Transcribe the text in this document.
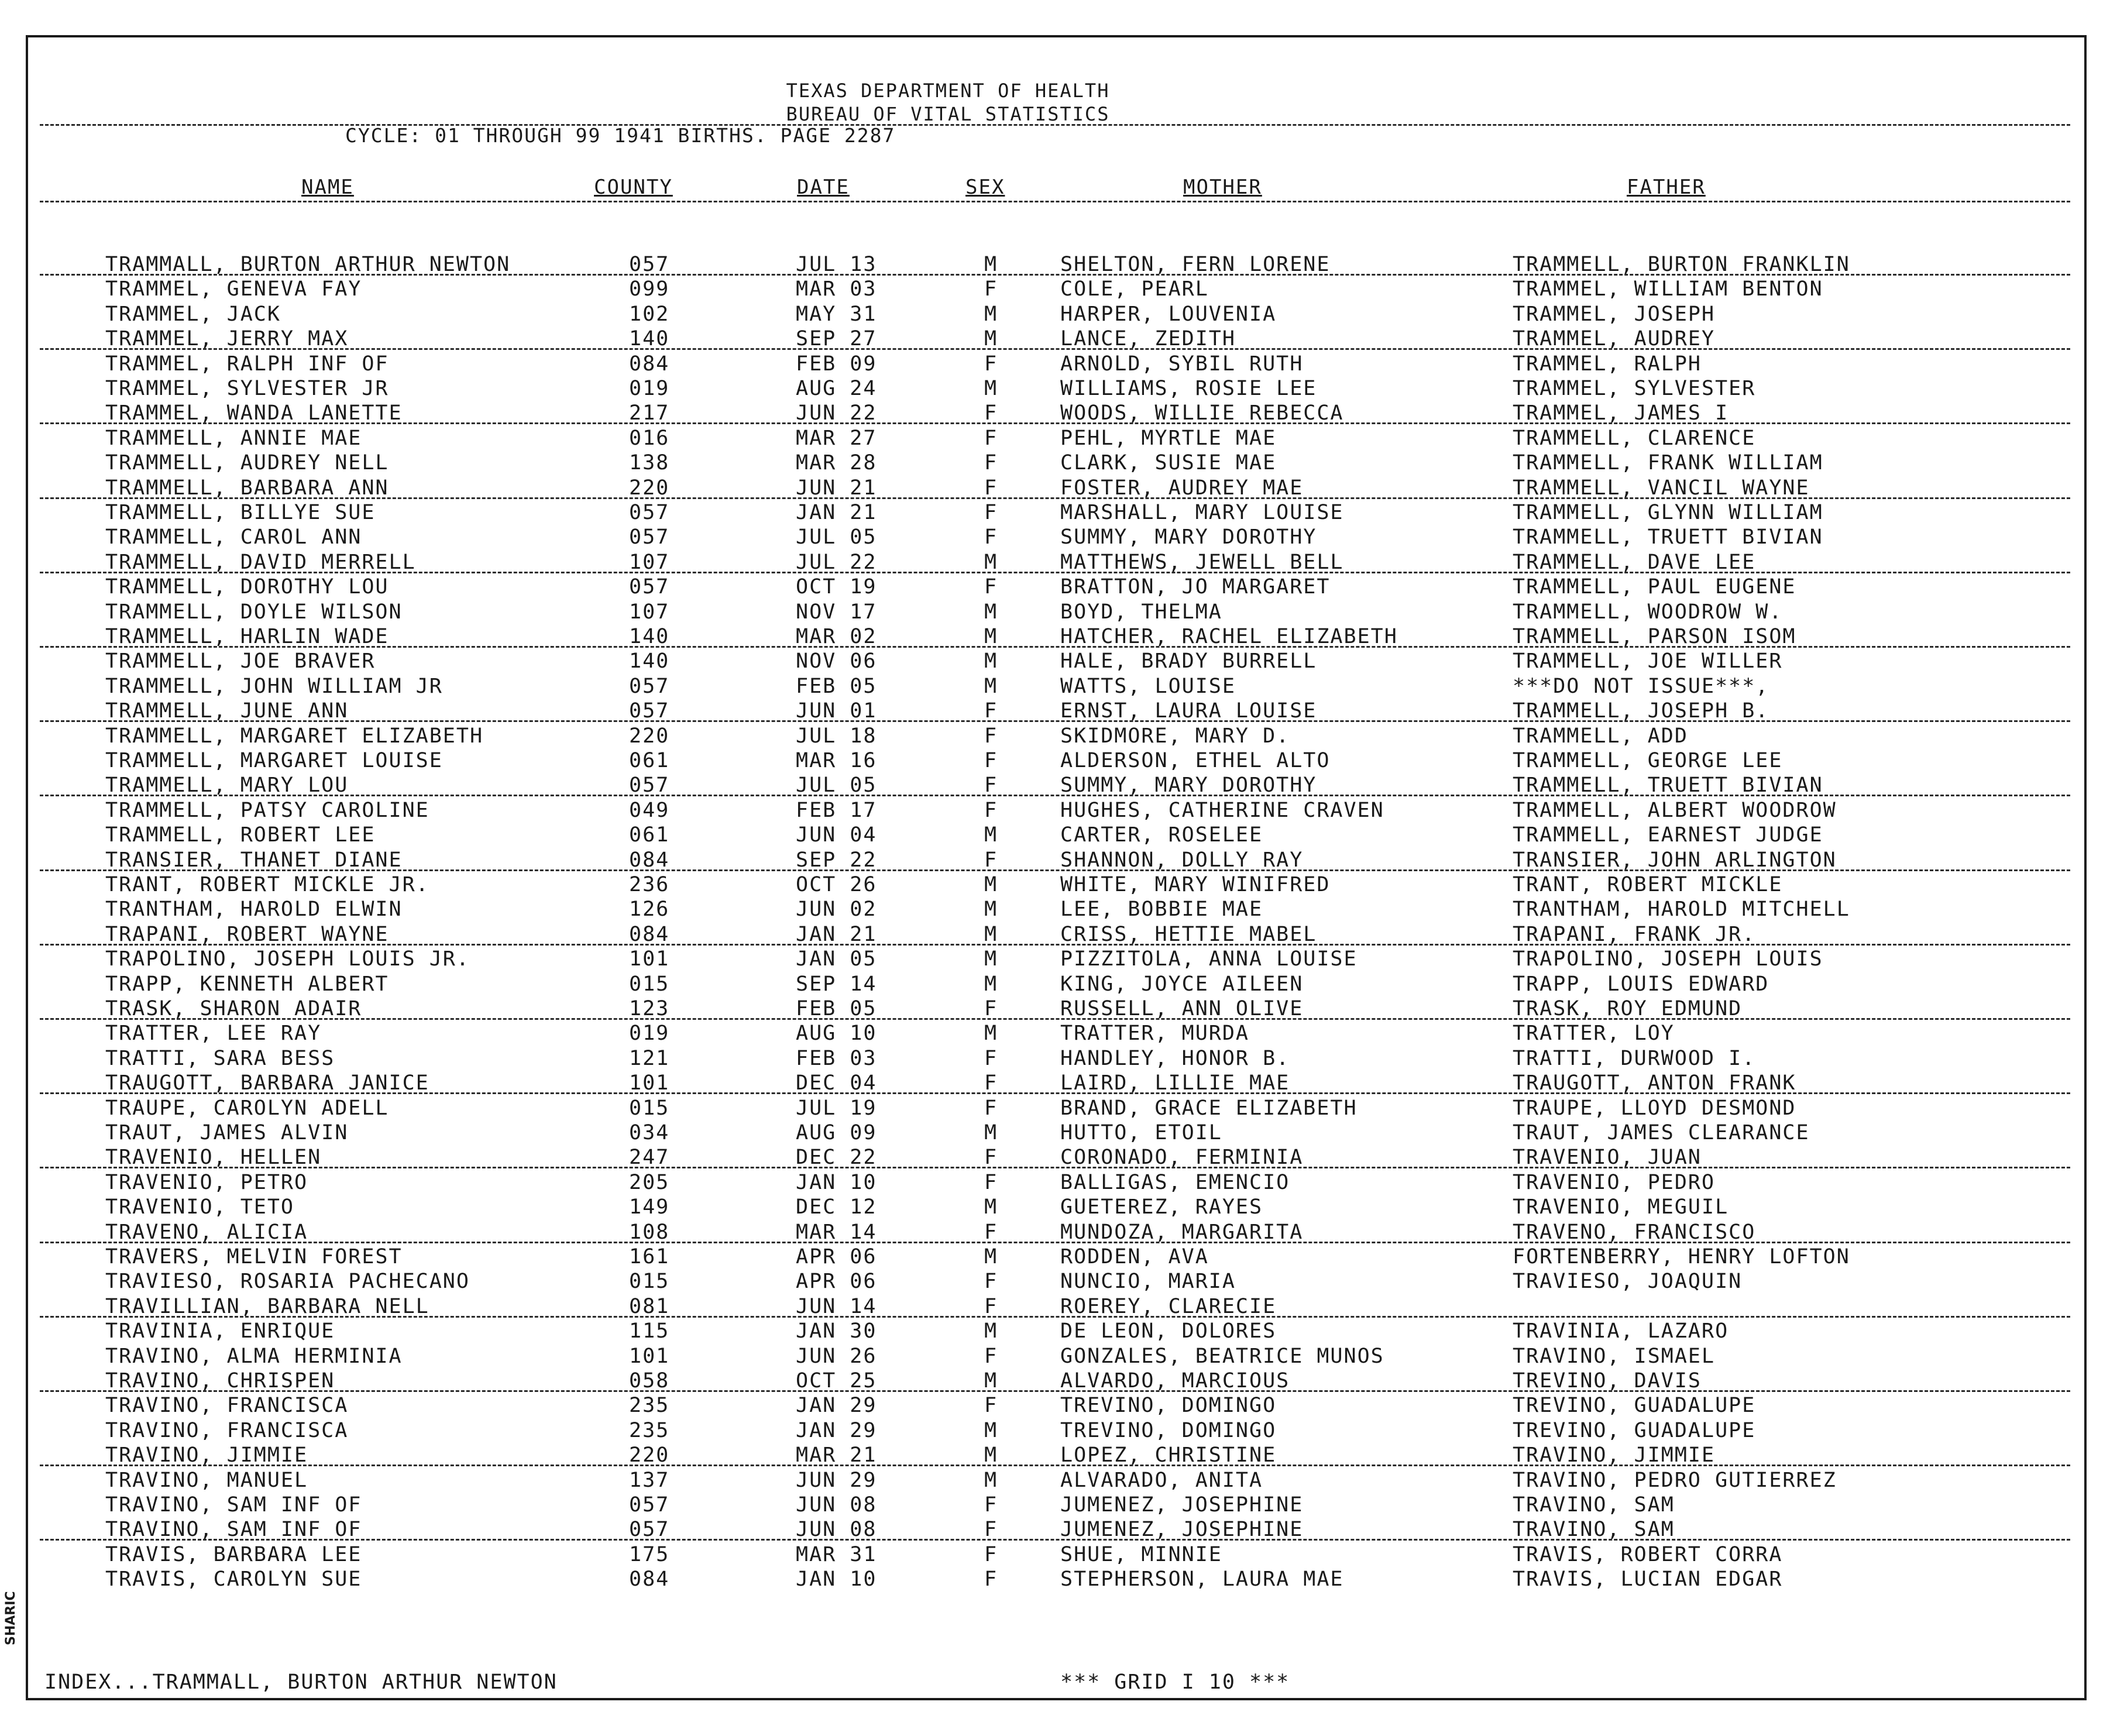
TEXAS DEPARTMENT OF HEALTH
BUREAU OF VITAL STATISTICS
CYCLE: 01 THROUGH 99 1941 BIRTHS. PAGE 2287
NAME	COUNTY	DATE	SEX	MOTHER	FATHER
TRAMMALL, BURTON ARTHUR NEWTON	057	JUL 13	M	SHELTON, FERN LORENE	TRAMMELL, BURTON FRANKLIN
TRAMMEL, GENEVA FAY	099	MAR 03	F	COLE, PEARL	TRAMMEL, WILLIAM BENTON
TRAMMEL, JACK	102	MAY 31	M	HARPER, LOUVENIA	TRAMMEL, JOSEPH
TRAMMEL, JERRY MAX	140	SEP 27	M	LANCE, ZEDITH	TRAMMEL, AUDREY
TRAMMEL, RALPH INF OF	084	FEB 09	F	ARNOLD, SYBIL RUTH	TRAMMEL, RALPH
TRAMMEL, SYLVESTER JR	019	AUG 24	M	WILLIAMS, ROSIE LEE	TRAMMEL, SYLVESTER
TRAMMEL, WANDA LANETTE	217	JUN 22	F	WOODS, WILLIE REBECCA	TRAMMEL, JAMES I
TRAMMELL, ANNIE MAE	016	MAR 27	F	PEHL, MYRTLE MAE	TRAMMELL, CLARENCE
TRAMMELL, AUDREY NELL	138	MAR 28	F	CLARK, SUSIE MAE	TRAMMELL, FRANK WILLIAM
TRAMMELL, BARBARA ANN	220	JUN 21	F	FOSTER, AUDREY MAE	TRAMMELL, VANCIL WAYNE
TRAMMELL, BILLYE SUE	057	JAN 21	F	MARSHALL, MARY LOUISE	TRAMMELL, GLYNN WILLIAM
TRAMMELL, CAROL ANN	057	JUL 05	F	SUMMY, MARY DOROTHY	TRAMMELL, TRUETT BIVIAN
TRAMMELL, DAVID MERRELL	107	JUL 22	M	MATTHEWS, JEWELL BELL	TRAMMELL, DAVE LEE
TRAMMELL, DOROTHY LOU	057	OCT 19	F	BRATTON, JO MARGARET	TRAMMELL, PAUL EUGENE
TRAMMELL, DOYLE WILSON	107	NOV 17	M	BOYD, THELMA	TRAMMELL, WOODROW W.
TRAMMELL, HARLIN WADE	140	MAR 02	M	HATCHER, RACHEL ELIZABETH	TRAMMELL, PARSON ISOM
TRAMMELL, JOE BRAVER	140	NOV 06	M	HALE, BRADY BURRELL	TRAMMELL, JOE WILLER
TRAMMELL, JOHN WILLIAM JR	057	FEB 05	M	WATTS, LOUISE	***DO NOT ISSUE***,
TRAMMELL, JUNE ANN	057	JUN 01	F	ERNST, LAURA LOUISE	TRAMMELL, JOSEPH B.
TRAMMELL, MARGARET ELIZABETH	220	JUL 18	F	SKIDMORE, MARY D.	TRAMMELL, ADD
TRAMMELL, MARGARET LOUISE	061	MAR 16	F	ALDERSON, ETHEL ALTO	TRAMMELL, GEORGE LEE
TRAMMELL, MARY LOU	057	JUL 05	F	SUMMY, MARY DOROTHY	TRAMMELL, TRUETT BIVIAN
TRAMMELL, PATSY CAROLINE	049	FEB 17	F	HUGHES, CATHERINE CRAVEN	TRAMMELL, ALBERT WOODROW
TRAMMELL, ROBERT LEE	061	JUN 04	M	CARTER, ROSELEE	TRAMMELL, EARNEST JUDGE
TRANSIER, THANET DIANE	084	SEP 22	F	SHANNON, DOLLY RAY	TRANSIER, JOHN ARLINGTON
TRANT, ROBERT MICKLE JR.	236	OCT 26	M	WHITE, MARY WINIFRED	TRANT, ROBERT MICKLE
TRANTHAM, HAROLD ELWIN	126	JUN 02	M	LEE, BOBBIE MAE	TRANTHAM, HAROLD MITCHELL
TRAPANI, ROBERT WAYNE	084	JAN 21	M	CRISS, HETTIE MABEL	TRAPANI, FRANK JR.
TRAPOLINO, JOSEPH LOUIS JR.	101	JAN 05	M	PIZZITOLA, ANNA LOUISE	TRAPOLINO, JOSEPH LOUIS
TRAPP, KENNETH ALBERT	015	SEP 14	M	KING, JOYCE AILEEN	TRAPP, LOUIS EDWARD
TRASK, SHARON ADAIR	123	FEB 05	F	RUSSELL, ANN OLIVE	TRASK, ROY EDMUND
TRATTER, LEE RAY	019	AUG 10	M	TRATTER, MURDA	TRATTER, LOY
TRATTI, SARA BESS	121	FEB 03	F	HANDLEY, HONOR B.	TRATTI, DURWOOD I.
TRAUGOTT, BARBARA JANICE	101	DEC 04	F	LAIRD, LILLIE MAE	TRAUGOTT, ANTON FRANK
TRAUPE, CAROLYN ADELL	015	JUL 19	F	BRAND, GRACE ELIZABETH	TRAUPE, LLOYD DESMOND
TRAUT, JAMES ALVIN	034	AUG 09	M	HUTTO, ETOIL	TRAUT, JAMES CLEARANCE
TRAVENIO, HELLEN	247	DEC 22	F	CORONADO, FERMINIA	TRAVENIO, JUAN
TRAVENIO, PETRO	205	JAN 10	F	BALLIGAS, EMENCIO	TRAVENIO, PEDRO
TRAVENIO, TETO	149	DEC 12	M	GUETEREZ, RAYES	TRAVENIO, MEGUIL
TRAVENO, ALICIA	108	MAR 14	F	MUNDOZA, MARGARITA	TRAVENO, FRANCISCO
TRAVERS, MELVIN FOREST	161	APR 06	M	RODDEN, AVA	FORTENBERRY, HENRY LOFTON
TRAVIESO, ROSARIA PACHECANO	015	APR 06	F	NUNCIO, MARIA	TRAVIESO, JOAQUIN
TRAVILLIAN, BARBARA NELL	081	JUN 14	F	ROEREY, CLARECIE
TRAVINIA, ENRIQUE	115	JAN 30	M	DE LEON, DOLORES	TRAVINIA, LAZARO
TRAVINO, ALMA HERMINIA	101	JUN 26	F	GONZALES, BEATRICE MUNOS	TRAVINO, ISMAEL
TRAVINO, CHRISPEN	058	OCT 25	M	ALVARDO, MARCIOUS	TREVINO, DAVIS
TRAVINO, FRANCISCA	235	JAN 29	F	TREVINO, DOMINGO	TREVINO, GUADALUPE
TRAVINO, FRANCISCA	235	JAN 29	M	TREVINO, DOMINGO	TREVINO, GUADALUPE
TRAVINO, JIMMIE	220	MAR 21	M	LOPEZ, CHRISTINE	TRAVINO, JIMMIE
TRAVINO, MANUEL	137	JUN 29	M	ALVARADO, ANITA	TRAVINO, PEDRO GUTIERREZ
TRAVINO, SAM INF OF	057	JUN 08	F	JUMENEZ, JOSEPHINE	TRAVINO, SAM
TRAVINO, SAM INF OF	057	JUN 08	F	JUMENEZ, JOSEPHINE	TRAVINO, SAM
TRAVIS, BARBARA LEE	175	MAR 31	F	SHUE, MINNIE	TRAVIS, ROBERT CORRA
TRAVIS, CAROLYN SUE	084	JAN 10	F	STEPHERSON, LAURA MAE	TRAVIS, LUCIAN EDGAR
INDEX...TRAMMALL, BURTON ARTHUR NEWTON	*** GRID I 10 ***
SHARIC
